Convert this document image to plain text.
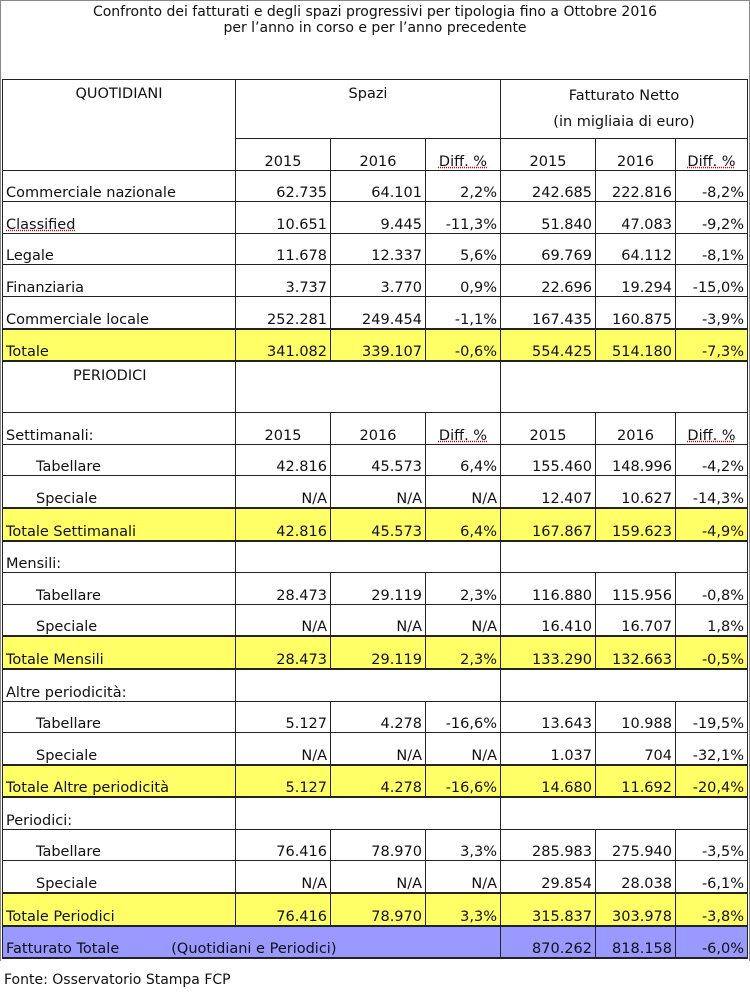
Confronto dei fatturati e degli spazi progressivi per tipologia fino a Ottobre 2016
per l’anno in corso e per l’anno precedente
QUOTIDIANI	Spazi			Fatturato Netto		
				(in migliaia di euro)		
	2015	2016	Diff. %	2015	2016	Diff. %
Commerciale nazionale	62.735	64.101	2,2%	242.685	222.816	-8,2%
Classified	10.651	9.445	-11,3%	51.840	47.083	-9,2%
Legale	11.678	12.337	5,6%	69.769	64.112	-8,1%
Finanziaria	3.737	3.770	0,9%	22.696	19.294	-15,0%
Commerciale locale	252.281	249.454	-1,1%	167.435	160.875	-3,9%
Totale	341.082	339.107	-0,6%	554.425	514.180	-7,3%
PERIODICI						
Settimanali:	2015	2016	Diff. %	2015	2016	Diff. %
Tabellare	42.816	45.573	6,4%	155.460	148.996	-4,2%
Speciale	N/A	N/A	N/A	12.407	10.627	-14,3%
Totale Settimanali	42.816	45.573	6,4%	167.867	159.623	-4,9%
Mensili:						
Tabellare	28.473	29.119	2,3%	116.880	115.956	-0,8%
Speciale	N/A	N/A	N/A	16.410	16.707	1,8%
Totale Mensili	28.473	29.119	2,3%	133.290	132.663	-0,5%
Altre periodicità:						
Tabellare	5.127	4.278	-16,6%	13.643	10.988	-19,5%
Speciale	N/A	N/A	N/A	1.037	704	-32,1%
Totale Altre periodicità	5.127	4.278	-16,6%	14.680	11.692	-20,4%
Periodici:						
Tabellare	76.416	78.970	3,3%	285.983	275.940	-3,5%
Speciale	N/A	N/A	N/A	29.854	28.038	-6,1%
Totale Periodici	76.416	78.970	3,3%	315.837	303.978	-3,8%
Fatturato Totale (Quotidiani e Periodici)				870.262	818.158	-6,0%
Fonte: Osservatorio Stampa FCP
